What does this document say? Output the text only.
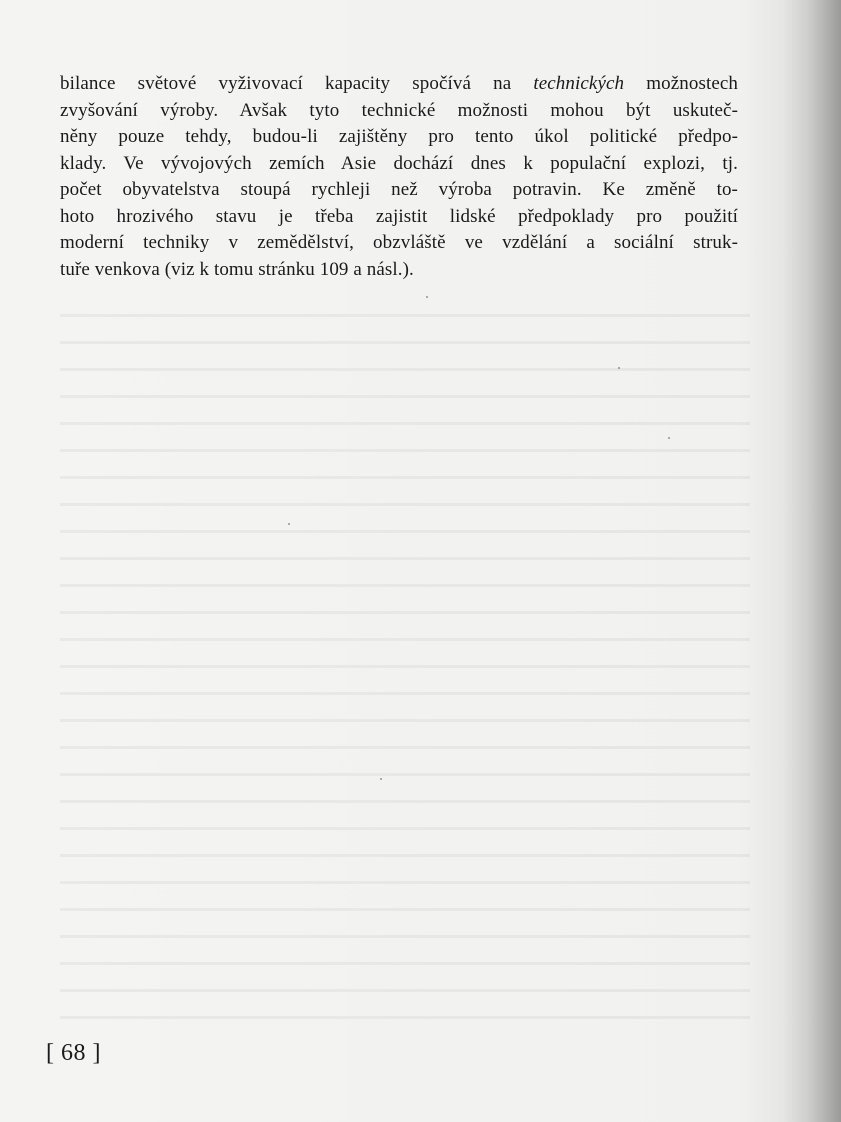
bilance světové vyživovací kapacity spočívá na technických možnostech
zvyšování výroby. Avšak tyto technické možnosti mohou být uskuteč-
něny pouze tehdy, budou-li zajištěny pro tento úkol politické předpo-
klady. Ve vývojových zemích Asie dochází dnes k populační explozi, tj.
počet obyvatelstva stoupá rychleji než výroba potravin. Ke změně to-
hoto hrozivého stavu je třeba zajistit lidské předpoklady pro použití
moderní techniky v zemědělství, obzvláště ve vzdělání a sociální struk-
tuře venkova (viz k tomu stránku 109 a násl.).
[ 68 ]
